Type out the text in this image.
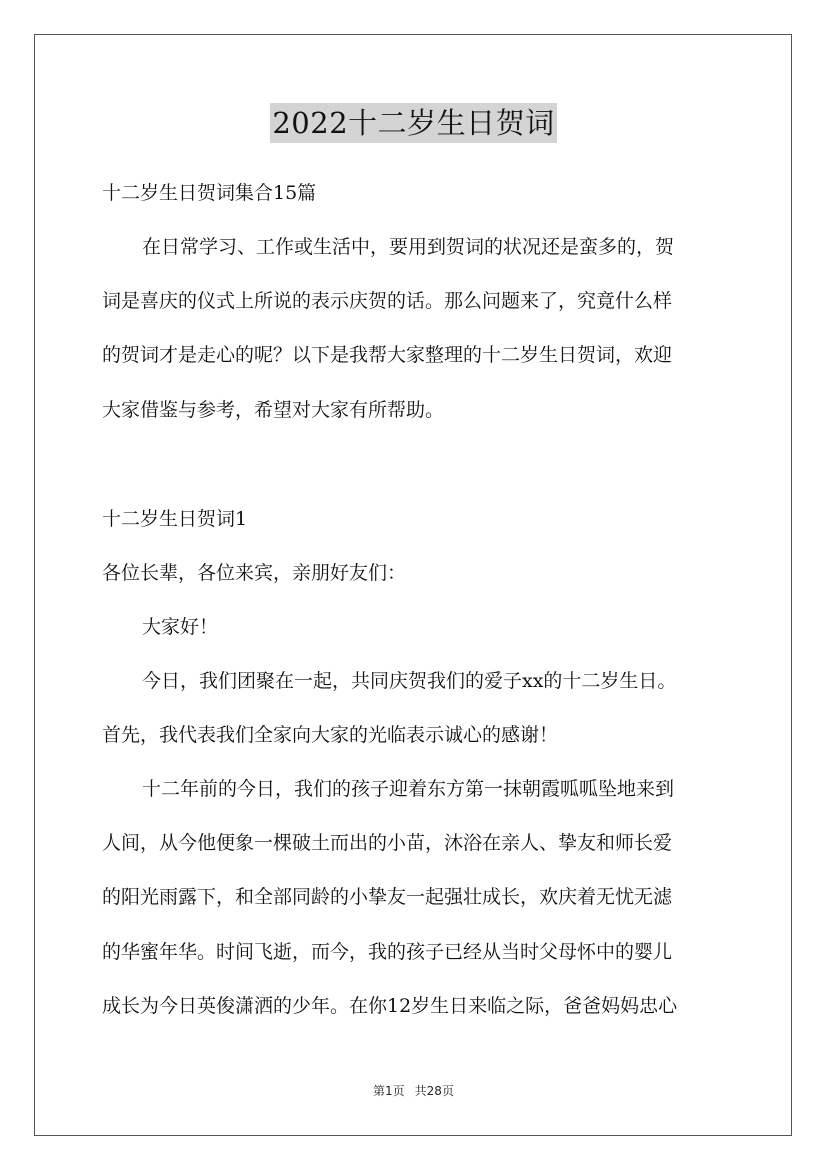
2022十二岁生日贺词
十二岁生日贺词集合15篇
在日常学习、工作或生活中，要用到贺词的状况还是蛮多的，贺
词是喜庆的仪式上所说的表示庆贺的话。那么问题来了，究竟什么样
的贺词才是走心的呢？以下是我帮大家整理的十二岁生日贺词，欢迎
大家借鉴与参考，希望对大家有所帮助。
十二岁生日贺词1
各位长辈，各位来宾，亲朋好友们：
大家好！
今日，我们团聚在一起，共同庆贺我们的爱子xx的十二岁生日。
首先，我代表我们全家向大家的光临表示诚心的感谢！
十二年前的今日，我们的孩子迎着东方第一抹朝霞呱呱坠地来到
人间，从今他便象一棵破土而出的小苗，沐浴在亲人、挚友和师长爱
的阳光雨露下，和全部同龄的小挚友一起强壮成长，欢庆着无忧无滤
的华蜜年华。时间飞逝，而今，我的孩子已经从当时父母怀中的婴儿
成长为今日英俊潇洒的少年。在你12岁生日来临之际，爸爸妈妈忠心
第1页 共28页
